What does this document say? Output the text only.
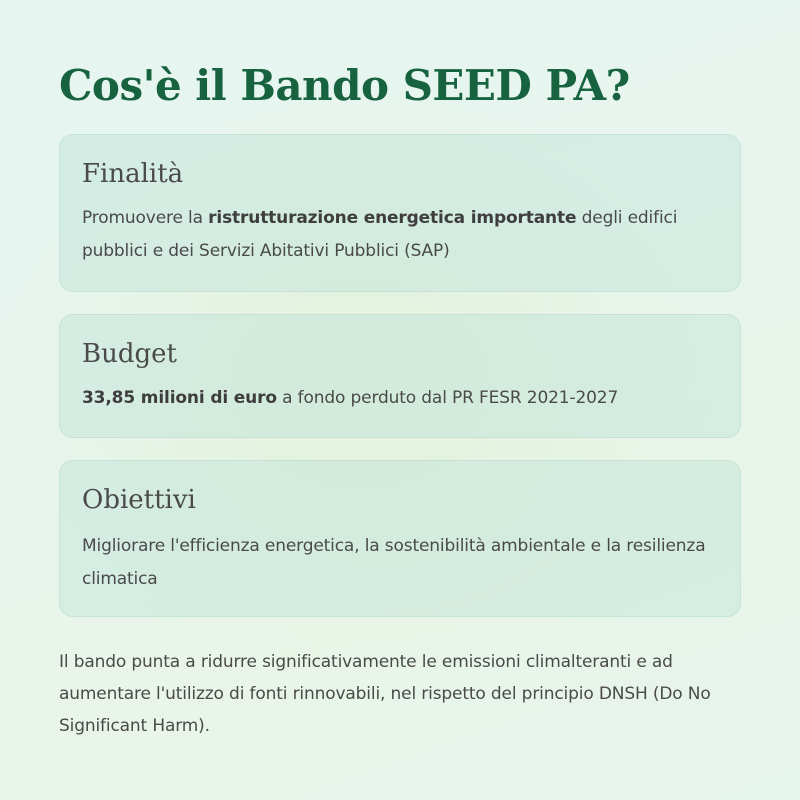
Cos'è il Bando SEED PA?
Finalità

Promuovere la ristrutturazione energetica importante degli edifici pubblici e dei Servizi Abitativi Pubblici (SAP)

Budget

33,85 milioni di euro a fondo perduto dal PR FESR 2021-2027

Obiettivi

Migliorare l'efficienza energetica, la sostenibilità ambientale e la resilienza climatica

Il bando punta a ridurre significativamente le emissioni climalteranti e ad aumentare l'utilizzo di fonti rinnovabili, nel rispetto del principio DNSH (Do No Significant Harm).
